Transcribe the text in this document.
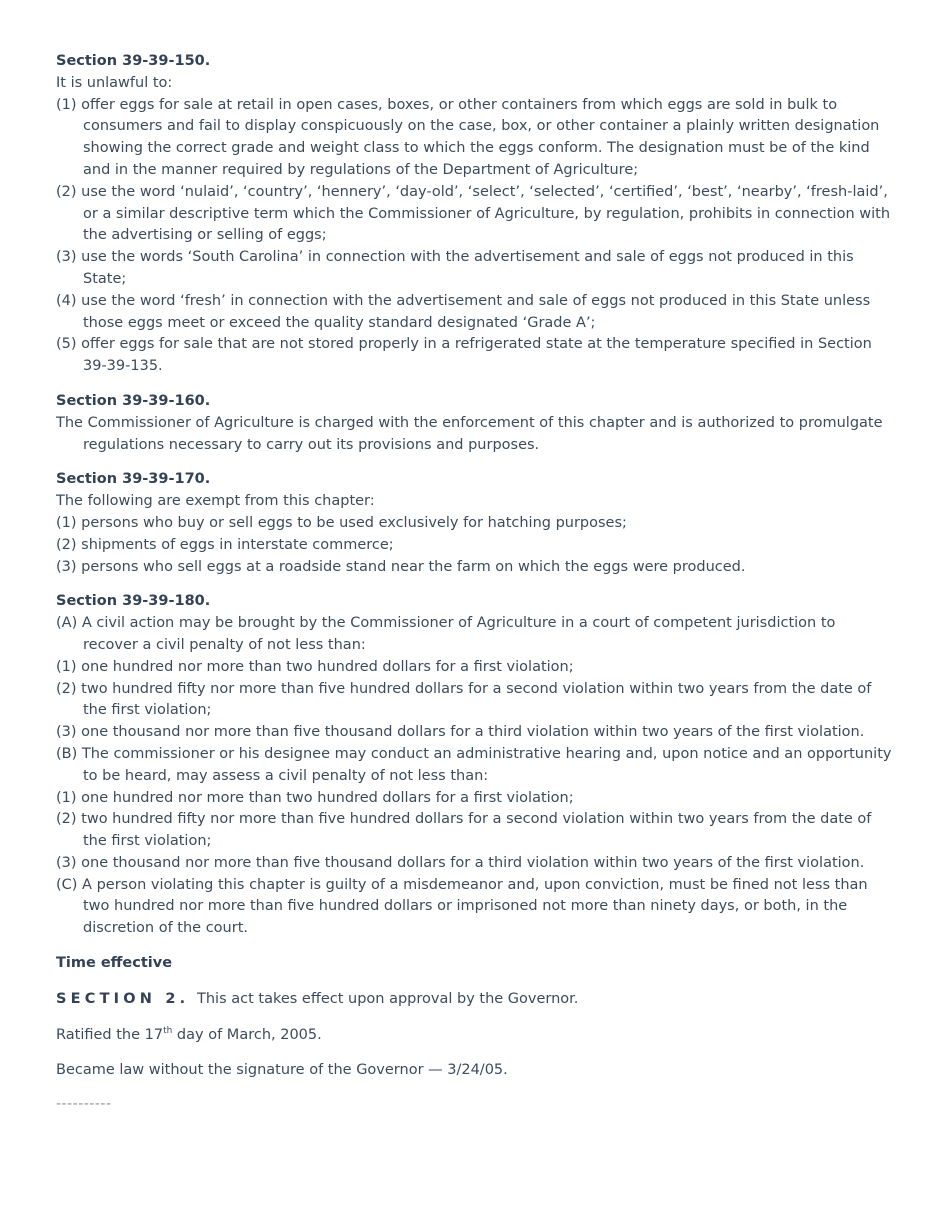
Section 39-39-150.
It is unlawful to:
(1) offer eggs for sale at retail in open cases, boxes, or other containers from which eggs are sold in bulk to consumers and fail to display conspicuously on the case, box, or other container a plainly written designation showing the correct grade and weight class to which the eggs conform. The designation must be of the kind and in the manner required by regulations of the Department of Agriculture;
(2) use the word ‘nulaid’, ‘country’, ‘hennery’, ‘day-old’, ‘select’, ‘selected’, ‘certified’, ‘best’, ‘nearby’, ‘fresh-laid’, or a similar descriptive term which the Commissioner of Agriculture, by regulation, prohibits in connection with the advertising or selling of eggs;
(3) use the words ‘South Carolina’ in connection with the advertisement and sale of eggs not produced in this State;
(4) use the word ‘fresh’ in connection with the advertisement and sale of eggs not produced in this State unless those eggs meet or exceed the quality standard designated ‘Grade A’;
(5) offer eggs for sale that are not stored properly in a refrigerated state at the temperature specified in Section 39-39-135.
Section 39-39-160.
The Commissioner of Agriculture is charged with the enforcement of this chapter and is authorized to promulgate regulations necessary to carry out its provisions and purposes.
Section 39-39-170.
The following are exempt from this chapter:
(1) persons who buy or sell eggs to be used exclusively for hatching purposes;
(2) shipments of eggs in interstate commerce;
(3) persons who sell eggs at a roadside stand near the farm on which the eggs were produced.
Section 39-39-180.
(A) A civil action may be brought by the Commissioner of Agriculture in a court of competent jurisdiction to recover a civil penalty of not less than:
(1) one hundred nor more than two hundred dollars for a first violation;
(2) two hundred fifty nor more than five hundred dollars for a second violation within two years from the date of the first violation;
(3) one thousand nor more than five thousand dollars for a third violation within two years of the first violation.
(B) The commissioner or his designee may conduct an administrative hearing and, upon notice and an opportunity to be heard, may assess a civil penalty of not less than:
(1) one hundred nor more than two hundred dollars for a first violation;
(2) two hundred fifty nor more than five hundred dollars for a second violation within two years from the date of the first violation;
(3) one thousand nor more than five thousand dollars for a third violation within two years of the first violation.
(C) A person violating this chapter is guilty of a misdemeanor and, upon conviction, must be fined not less than two hundred nor more than five hundred dollars or imprisoned not more than ninety days, or both, in the discretion of the court.
Time effective
SECTION 2. This act takes effect upon approval by the Governor.
Ratified the 17th day of March, 2005.
Became law without the signature of the Governor — 3/24/05.
----------
